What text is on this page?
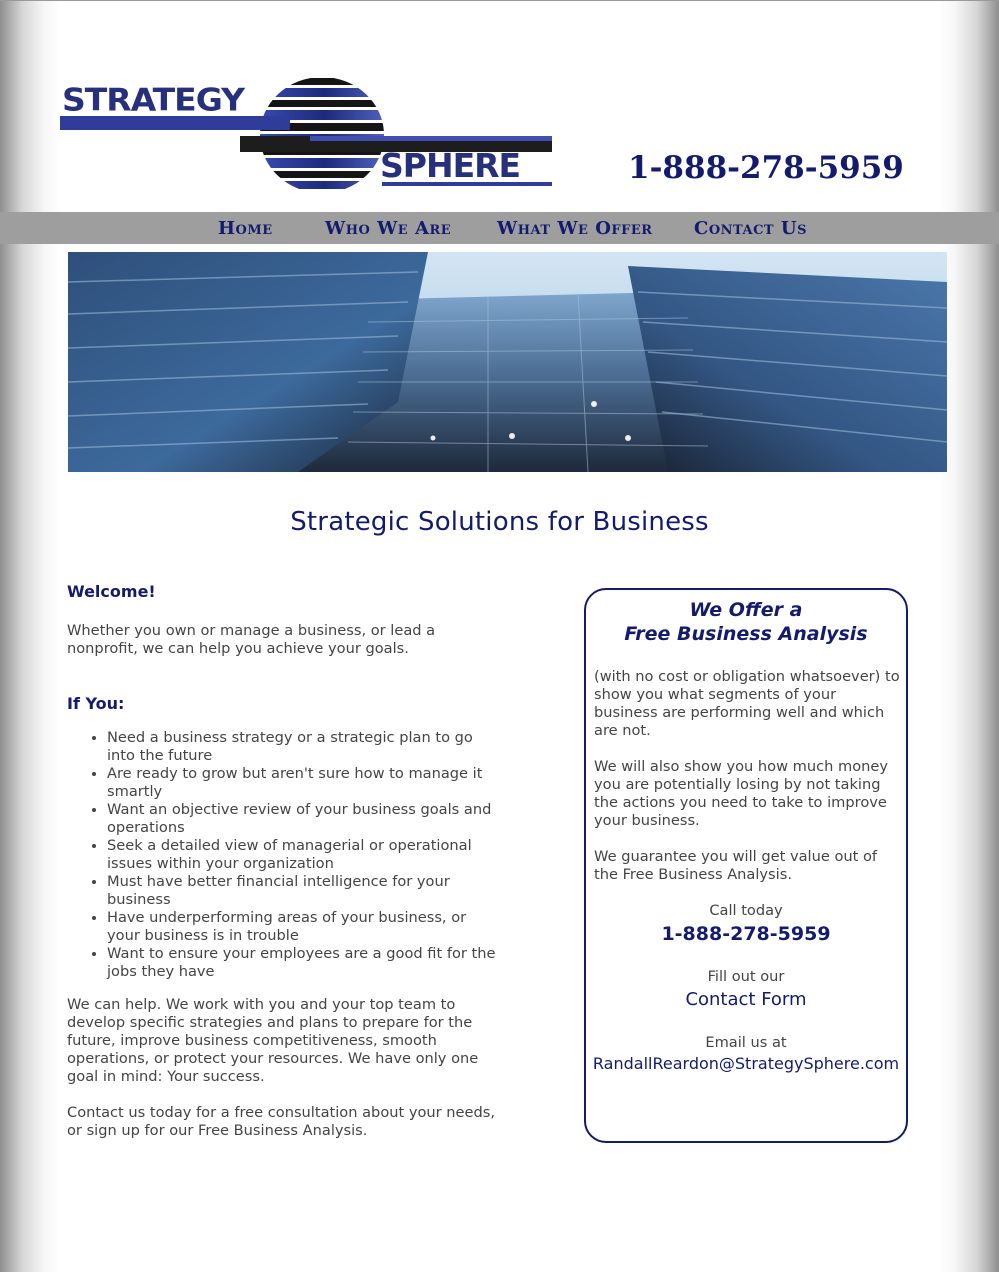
STRATEGY
SPHERE	1-888-278-5959
Home	Who We Are	What We Offer Contact Us
Strategic Solutions for Business
Welcome!

Whether you own or manage a business, or lead a nonprofit, we can help you achieve your goals.

If You:
• Need a business strategy or a strategic plan to go into the future
• Are ready to grow but aren't sure how to manage it smartly
• Want an objective review of your business goals and operations
• Seek a detailed view of managerial or operational issues within your organization
• Must have better financial intelligence for your business
• Have underperforming areas of your business, or your business is in trouble
• Want to ensure your employees are a good fit for the jobs they have

We can help. We work with you and your top team to develop specific strategies and plans to prepare for the future, improve business competitiveness, smooth operations, or protect your resources. We have only one goal in mind: Your success.

Contact us today for a free consultation about your needs, or sign up for our Free Business Analysis.

We Offer a
Free Business Analysis

(with no cost or obligation whatsoever) to show you what segments of your business are performing well and which are not.

We will also show you how much money you are potentially losing by not taking the actions you need to take to improve your business.

We guarantee you will get value out of the Free Business Analysis.

Call today

1-888-278-5959

Fill out our

Contact Form

Email us at

RandallReardon@StrategySphere.com
